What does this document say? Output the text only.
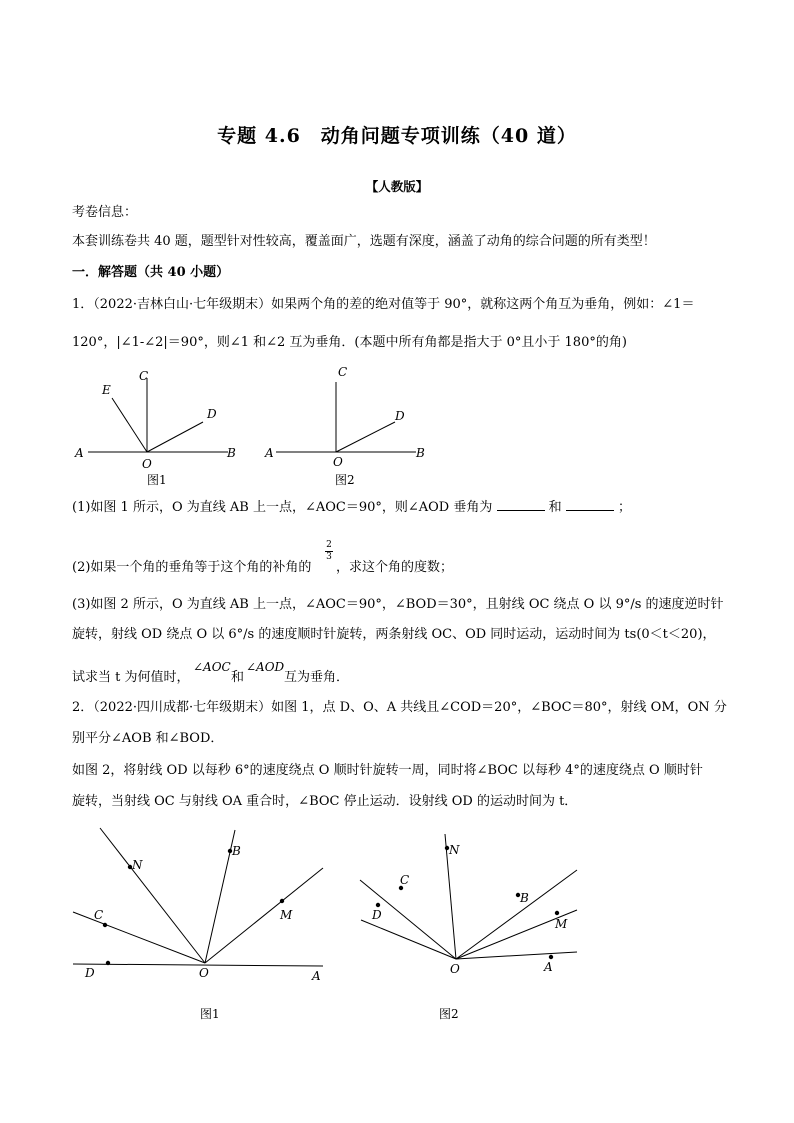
专题 4.6　动角问题专项训练（40 道）
【人教版】
考卷信息：
本套训练卷共 40 题，题型针对性较高，覆盖面广，选题有深度，涵盖了动角的综合问题的所有类型！
一．解答题（共 40 小题）
1．（2022·吉林白山·七年级期末）如果两个角的差的绝对值等于 90°，就称这两个角互为垂角，例如：∠1＝
120°，|∠1-∠2|＝90°，则∠1 和∠2 互为垂角．(本题中所有角都是指大于 0°且小于 180°的角)
A	B
C
D
E
O
图1
A	B
C
D
O
图2
(1)如图 1 所示，O 为直线 AB 上一点，∠AOC＝90°，则∠AOD 垂角为	和	；
(2)如果一个角的垂角等于这个角的补角的
2
3
，求这个角的度数；
(3)如图 2 所示，O 为直线 AB 上一点，∠AOC＝90°，∠BOD＝30°，且射线 OC 绕点 O 以 9°/s 的速度逆时针
旋转，射线 OD 绕点 O 以 6°/s 的速度顺时针旋转，两条射线 OC、OD 同时运动，运动时间为 ts(0＜t＜20)，
试求当 t 为何值时，
∠AOC
和
∠AOD
互为垂角．
2．（2022·四川成都·七年级期末）如图 1，点 D、O、A 共线且∠COD＝20°，∠BOC＝80°，射线 OM，ON 分
别平分∠AOB 和∠BOD．
如图 2，将射线 OD 以每秒 6°的速度绕点 O 顺时针旋转一周，同时将∠BOC 以每秒 4°的速度绕点 O 顺时针
旋转，当射线 OC 与射线 OA 重合时，∠BOC 停止运动．设射线 OD 的运动时间为 t．
N
B
C	M
D	O	A
图1
N
C
D
B
M
O	A
图2
